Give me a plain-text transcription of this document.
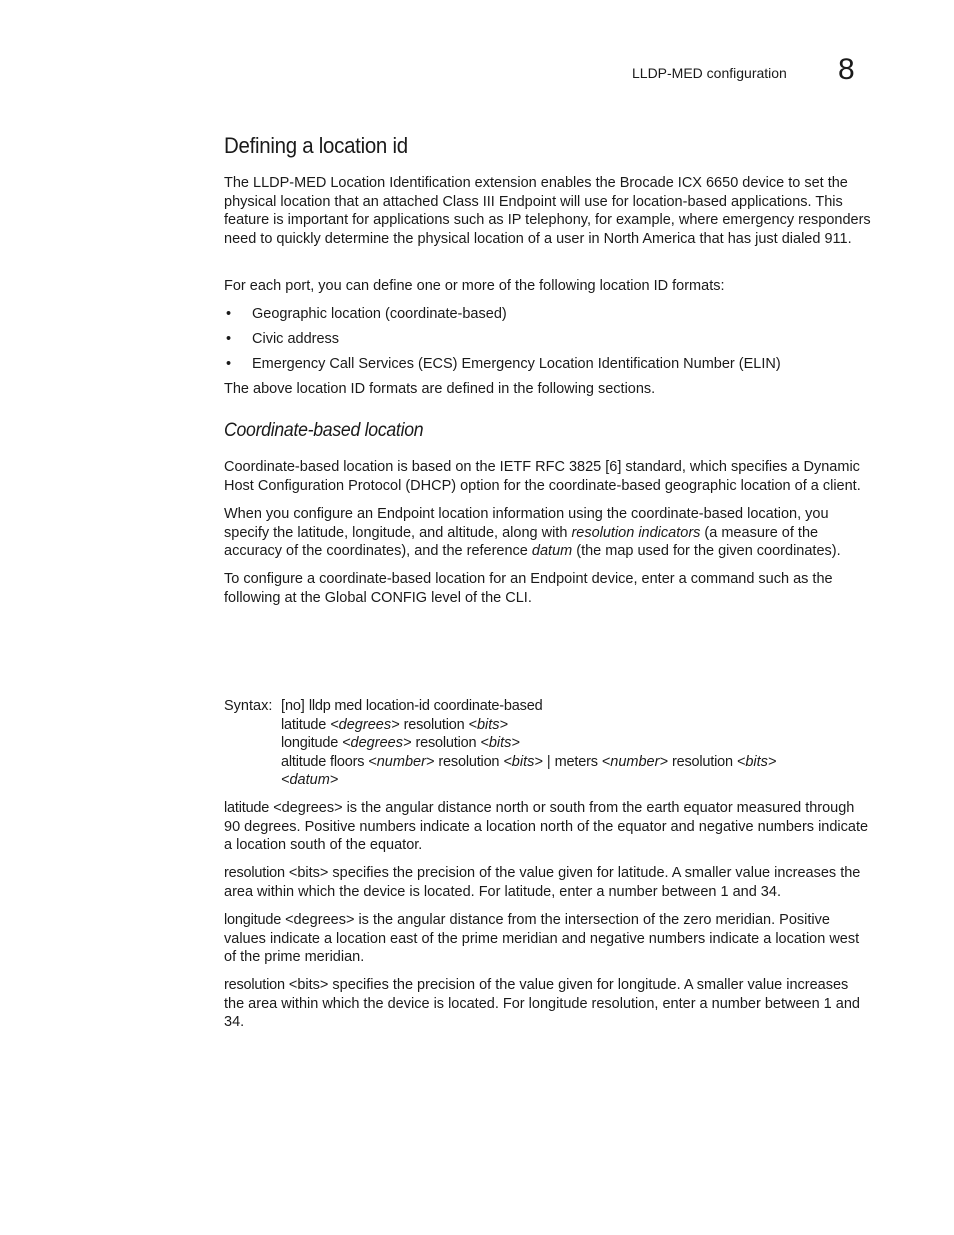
LLDP-MED configuration 8
Defining a location id

The LLDP-MED Location Identification extension enables the Brocade ICX 6650 device to set the physical location that an attached Class III Endpoint will use for location-based applications. This feature is important for applications such as IP telephony, for example, where emergency responders need to quickly determine the physical location of a user in North America that has just dialed 911.

For each port, you can define one or more of the following location ID formats:

• Geographic location (coordinate-based)
• Civic address
• Emergency Call Services (ECS) Emergency Location Identification Number (ELIN)

The above location ID formats are defined in the following sections.

Coordinate-based location

Coordinate-based location is based on the IETF RFC 3825 [6] standard, which specifies a Dynamic Host Configuration Protocol (DHCP) option for the coordinate-based geographic location of a client.

When you configure an Endpoint location information using the coordinate-based location, you specify the latitude, longitude, and altitude, along with resolution indicators (a measure of the accuracy of the coordinates), and the reference datum (the map used for the given coordinates).

To configure a coordinate-based location for an Endpoint device, enter a command such as the following at the Global CONFIG level of the CLI.

Syntax: [no] lldp med location-id coordinate-based
latitude <degrees> resolution <bits>
longitude <degrees> resolution <bits>
altitude floors <number> resolution <bits> | meters <number> resolution <bits>
<datum>

latitude <degrees> is the angular distance north or south from the earth equator measured through 90 degrees. Positive numbers indicate a location north of the equator and negative numbers indicate a location south of the equator.

resolution <bits> specifies the precision of the value given for latitude. A smaller value increases the area within which the device is located. For latitude, enter a number between 1 and 34.

longitude <degrees> is the angular distance from the intersection of the zero meridian. Positive values indicate a location east of the prime meridian and negative numbers indicate a location west of the prime meridian.

resolution <bits> specifies the precision of the value given for longitude. A smaller value increases the area within which the device is located. For longitude resolution, enter a number between 1 and 34.
